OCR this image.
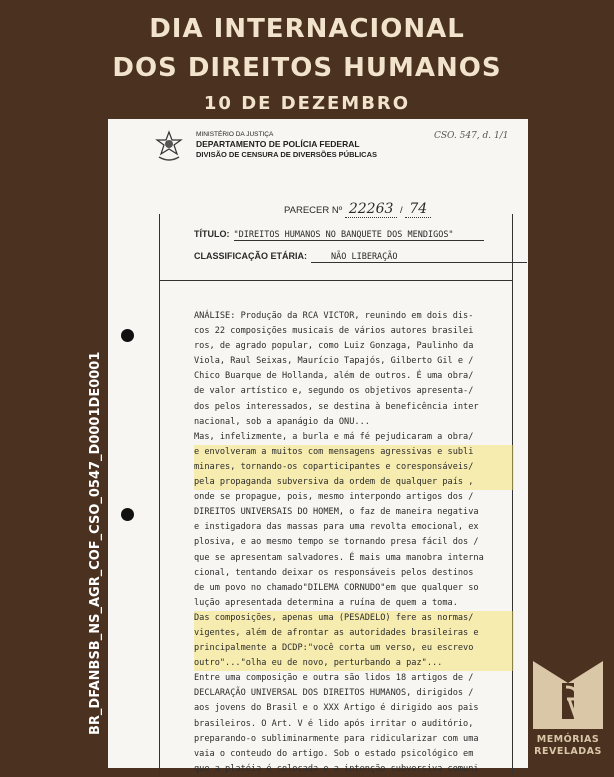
DIA INTERNACIONAL
DOS DIREITOS HUMANOS
10 DE DEZEMBRO
BR_DFANBSB_NS_AGR_COF_CSO_0547_D0001DE0001
MINISTÉRIO DA JUSTIÇA
DEPARTAMENTO DE POLÍCIA FEDERAL
DIVISÃO DE CENSURA DE DIVERSÕES PÚBLICAS
CSO. 547, d. 1/1
PARECER Nº 22263 / 74
TÍTULO: "DIREITOS HUMANOS NO BANQUETE DOS MENDIGOS"
CLASSIFICAÇÃO ETÁRIA:	NÃO LIBERAÇÃO

ANÁLISE: Produção da RCA VICTOR, reunindo em dois dis-

cos 22 composições musicais de vários autores brasilei

ros, de agrado popular, como Luiz Gonzaga, Paulinho da

Viola, Raul Seixas, Maurício Tapajós, Gilberto Gil e /

Chico Buarque de Hollanda, além de outros. É uma obra/

de valor artístico e, segundo os objetivos apresenta-/

dos pelos interessados, se destina à beneficência inter

nacional, sob a apanágio da ONU...

Mas, infelizmente, a burla e má fé pejudicaram a obra/

e envolveram a muitos com mensagens agressivas e subli

minares, tornando-os coparticipantes e coresponsáveis/

pela propaganda subversiva da ordem de qualquer país ,

onde se propague, pois, mesmo interpondo artigos dos /

DIREITOS UNIVERSAIS DO HOMEM, o faz de maneira negativa

e instigadora das massas para uma revolta emocional, ex

plosiva, e ao mesmo tempo se tornando presa fácil dos /

que se apresentam salvadores. É mais uma manobra interna

cional, tentando deixar os responsáveis pelos destinos

de um povo no chamado"DILEMA CORNUDO"em que qualquer so

lução apresentada determina a ruína de quem a toma.

Das composições, apenas uma (PESADELO) fere as normas/

vigentes, além de afrontar as autoridades brasileiras e

principalmente a DCDP:"você corta um verso, eu escrevo

outro"..."olha eu de novo, perturbando a paz"...

Entre uma composição e outra são lidos 18 artigos de /

DECLARAÇÃO UNIVERSAL DOS DIREITOS HUMANOS, dirigidos /

aos jovens do Brasil e o XXX Artigo é dirigido aos pais

brasileiros. O Art. V é lido após irritar o auditório,

preparando-o subliminarmente para ridicularizar com uma

vaia o conteudo do artigo. Sob o estado psicológico em

que a platéia é colocada e a intenção subversiva comuni

MEMÓRIAS
REVELADAS
